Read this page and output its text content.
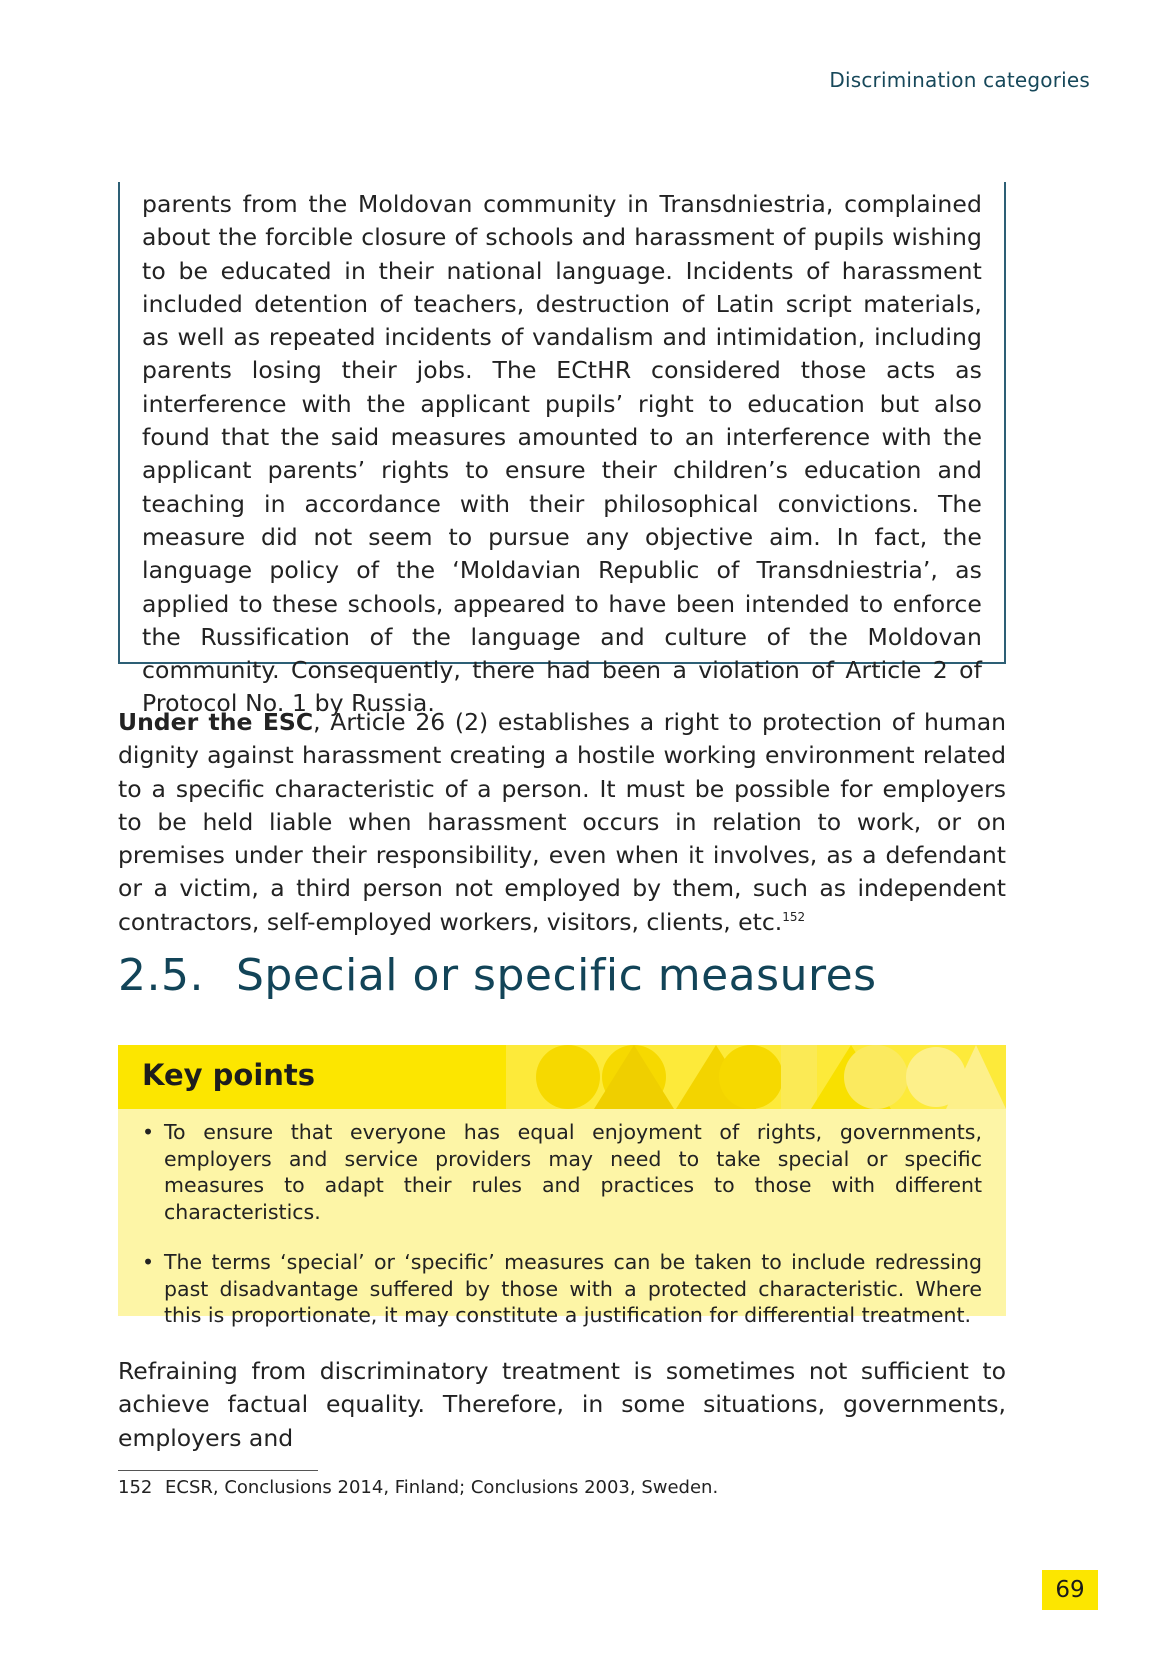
Discrimination categories
parents from the Moldovan community in Transdniestria, complained about the forcible closure of schools and harassment of pupils wishing to be educated in their national language. Incidents of harassment included detention of teachers, destruction of Latin script materials, as well as repeated incidents of vandalism and intimidation, including parents losing their jobs. The ECtHR considered those acts as interference with the applicant pupils’ right to education but also found that the said measures amounted to an interference with the applicant parents’ rights to ensure their children’s education and teaching in accordance with their philosophical convictions. The measure did not seem to pursue any objective aim. In fact, the language policy of the ‘Moldavian Republic of Transdniestria’, as applied to these schools, appeared to have been intended to enforce the Russification of the language and culture of the Moldovan community. Consequently, there had been a violation of Article 2 of Protocol No. 1 by Russia.
Under the ESC, Article 26 (2) establishes a right to protection of human dignity against harassment creating a hostile working environment related to a specific characteristic of a person. It must be possible for employers to be held liable when harassment occurs in relation to work, or on premises under their responsibility, even when it involves, as a defendant or a victim, a third person not employed by them, such as independent contractors, self-employed workers, visitors, clients, etc.$^{152}$
2.5. Special or specific measures
Key points
• To ensure that everyone has equal enjoyment of rights, governments, employers and service providers may need to take special or specific measures to adapt their rules and practices to those with different characteristics.
• The terms ‘special’ or ‘specific’ measures can be taken to include redressing past disadvantage suffered by those with a protected characteristic. Where this is proportionate, it may constitute a justification for differential treatment.
Refraining from discriminatory treatment is sometimes not sufficient to achieve factual equality. Therefore, in some situations, governments, employers and
152 ECSR, Conclusions 2014, Finland; Conclusions 2003, Sweden.
69
